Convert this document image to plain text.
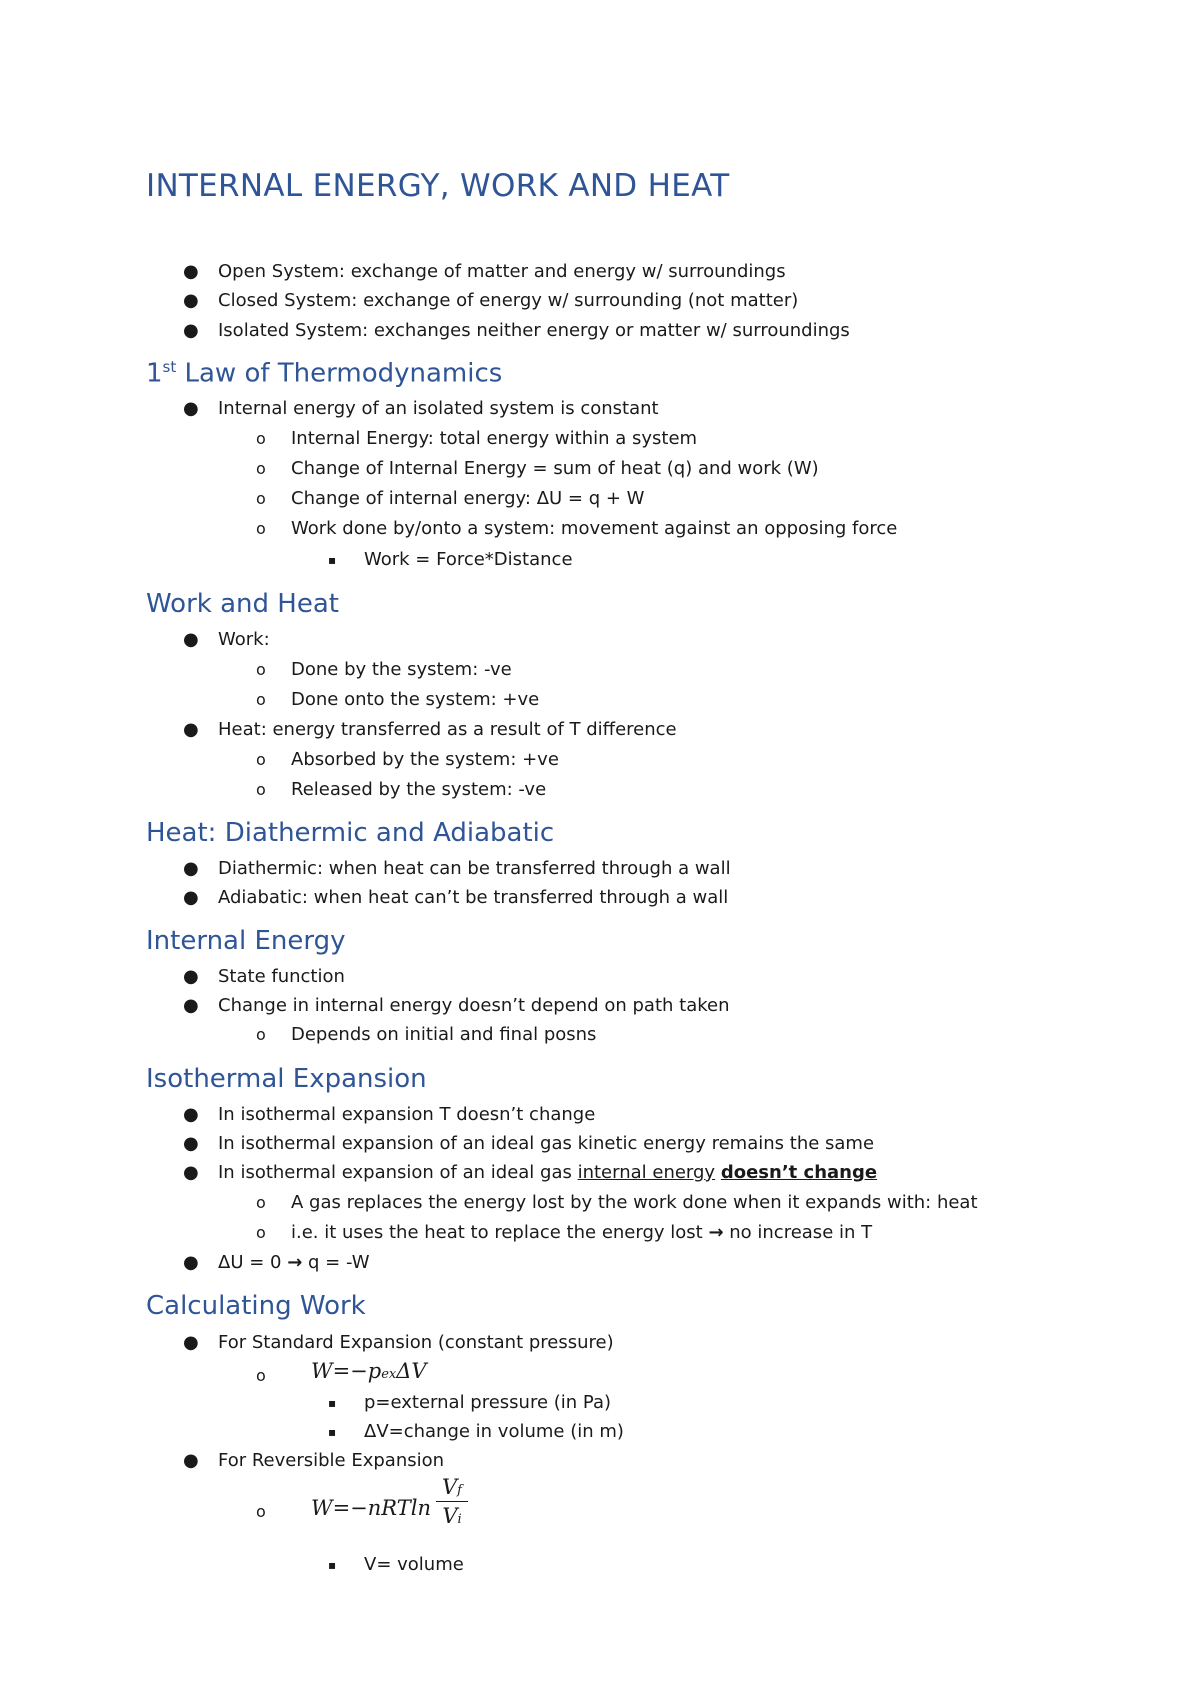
INTERNAL ENERGY, WORK AND HEAT
● Open System: exchange of matter and energy w/ surroundings
● Closed System: exchange of energy w/ surrounding (not matter)
● Isolated System: exchanges neither energy or matter w/ surroundings
1st Law of Thermodynamics
● Internal energy of an isolated system is constant
o Internal Energy: total energy within a system
o Change of Internal Energy = sum of heat (q) and work (W)
o Change of internal energy: ΔU = q + W
o Work done by/onto a system: movement against an opposing force
▪ Work = Force*Distance
Work and Heat
● Work:
o Done by the system: -ve
o Done onto the system: +ve
● Heat: energy transferred as a result of T difference
o Absorbed by the system: +ve
o Released by the system: -ve
Heat: Diathermic and Adiabatic
● Diathermic: when heat can be transferred through a wall
● Adiabatic: when heat can’t be transferred through a wall
Internal Energy
● State function
● Change in internal energy doesn’t depend on path taken
o Depends on initial and final posns
Isothermal Expansion
● In isothermal expansion T doesn’t change
● In isothermal expansion of an ideal gas kinetic energy remains the same
● In isothermal expansion of an ideal gas internal energy doesn’t change
o A gas replaces the energy lost by the work done when it expands with: heat
o i.e. it uses the heat to replace the energy lost → no increase in T
● ΔU = 0 → q = -W
Calculating Work
● For Standard Expansion (constant pressure)
o W=−pexΔV
▪ p=external pressure (in Pa)
▪ ΔV=change in volume (in m)
● For Reversible Expansion
o W=−nRTln
Vf
Vi
▪ V= volume
